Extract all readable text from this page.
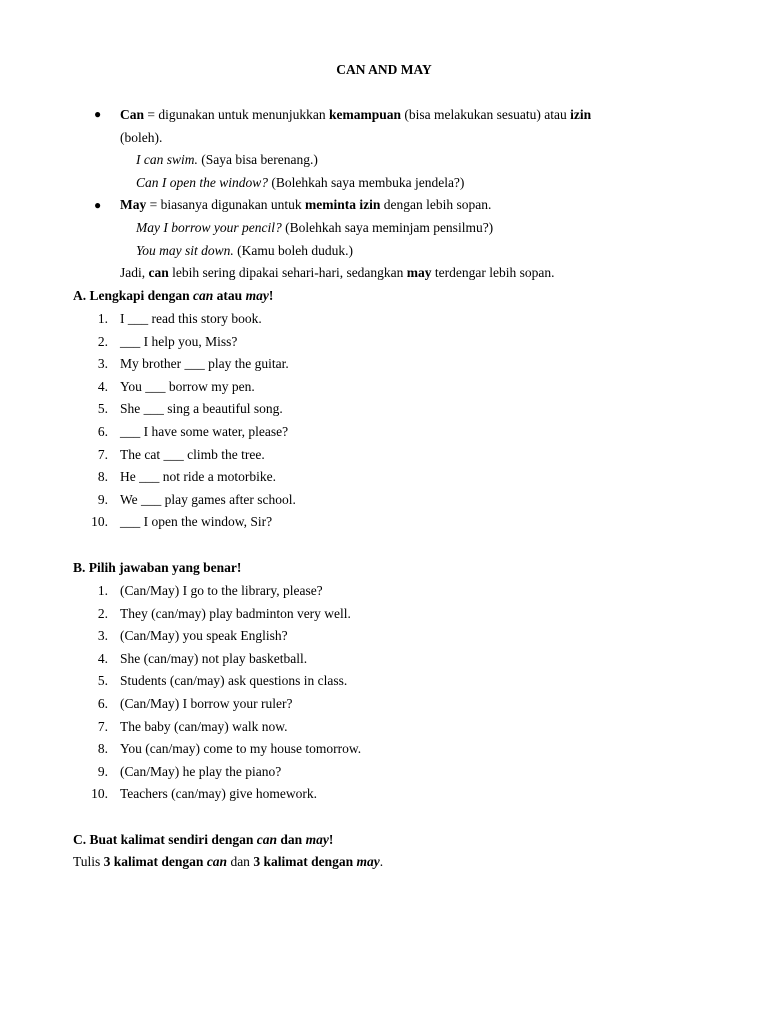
CAN AND MAY
● Can = digunakan untuk menunjukkan kemampuan (bisa melakukan sesuatu) atau izin
(boleh).
I can swim. (Saya bisa berenang.)
Can I open the window? (Bolehkah saya membuka jendela?)
● May = biasanya digunakan untuk meminta izin dengan lebih sopan.
May I borrow your pencil? (Bolehkah saya meminjam pensilmu?)
You may sit down. (Kamu boleh duduk.)
Jadi, can lebih sering dipakai sehari-hari, sedangkan may terdengar lebih sopan.
A. Lengkapi dengan can atau may!
1. I ___ read this story book.
2. ___ I help you, Miss?
3. My brother ___ play the guitar.
4. You ___ borrow my pen.
5. She ___ sing a beautiful song.
6. ___ I have some water, please?
7. The cat ___ climb the tree.
8. He ___ not ride a motorbike.
9. We ___ play games after school.
10. ___ I open the window, Sir?
B. Pilih jawaban yang benar!
1. (Can/May) I go to the library, please?
2. They (can/may) play badminton very well.
3. (Can/May) you speak English?
4. She (can/may) not play basketball.
5. Students (can/may) ask questions in class.
6. (Can/May) I borrow your ruler?
7. The baby (can/may) walk now.
8. You (can/may) come to my house tomorrow.
9. (Can/May) he play the piano?
10. Teachers (can/may) give homework.
C. Buat kalimat sendiri dengan can dan may!
Tulis 3 kalimat dengan can dan 3 kalimat dengan may.
